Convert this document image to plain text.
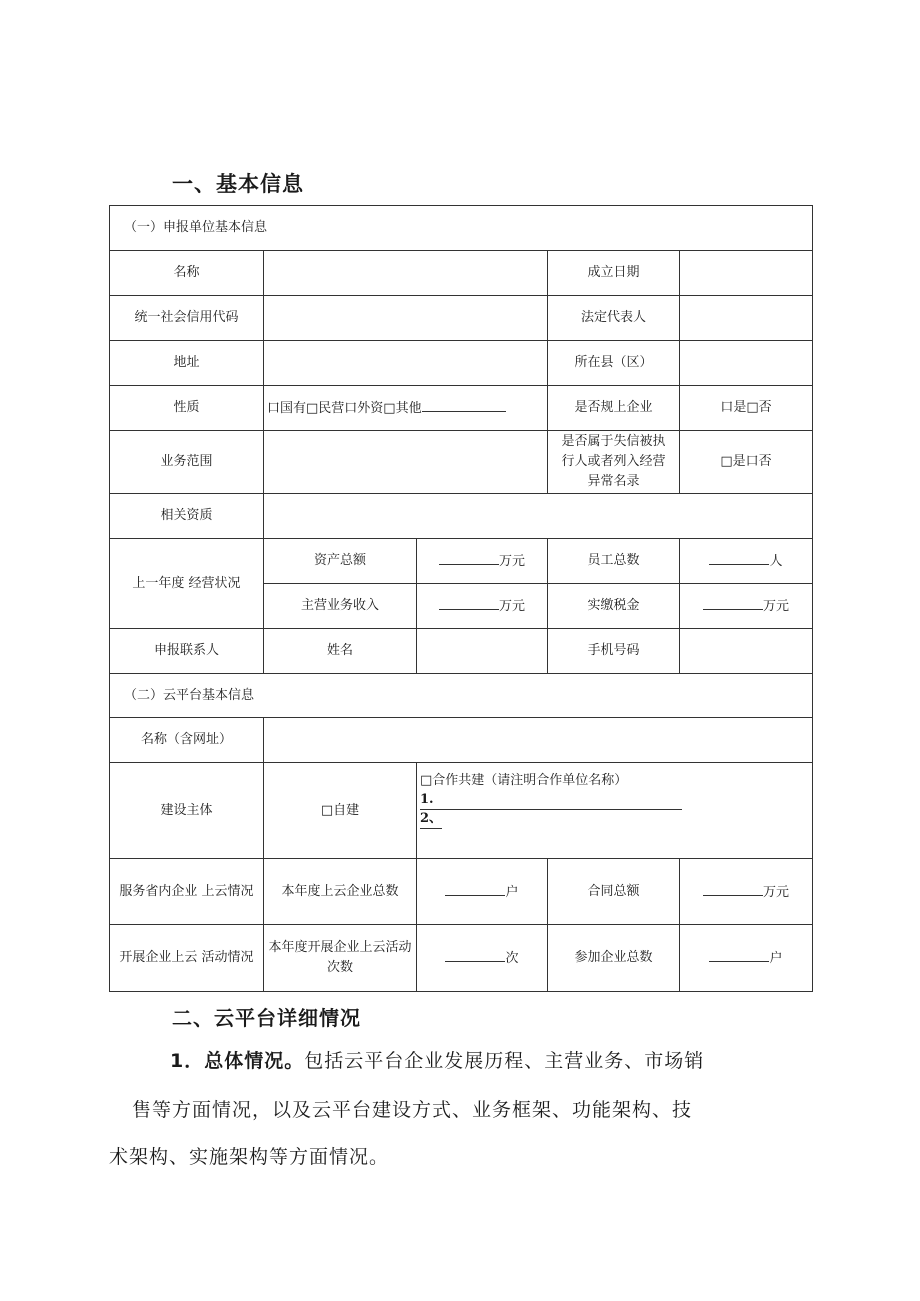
一、基本信息
（一）申报单位基本信息				
名称			成立日期	
统一社会信用代码			法定代表人	
地址			所在县（区）	
性质	口国有□民营口外资□其他		是否规上企业	口是□否
业务范围			是否属于失信被执行人或者列入经营异常名录	□是口否
相关资质				
上一年度 经营状况	资产总额	万元	员工总数	人
	主营业务收入	万元	实缴税金	万元
申报联系人	姓名		手机号码	
（二）云平台基本信息				
名称（含网址）				
建设主体	□自建	□合作共建（请注明合作单位名称）
1.
2、		

服务省内企业 上云情况	本年度上云企业总数	户	合同总额	万元
开展企业上云 活动情况	本年度开展企业上云活动次数	次	参加企业总数	户
二、云平台详细情况
1．总体情况。包括云平台企业发展历程、主营业务、市场销
售等方面情况，以及云平台建设方式、业务框架、功能架构、技
术架构、实施架构等方面情况。
